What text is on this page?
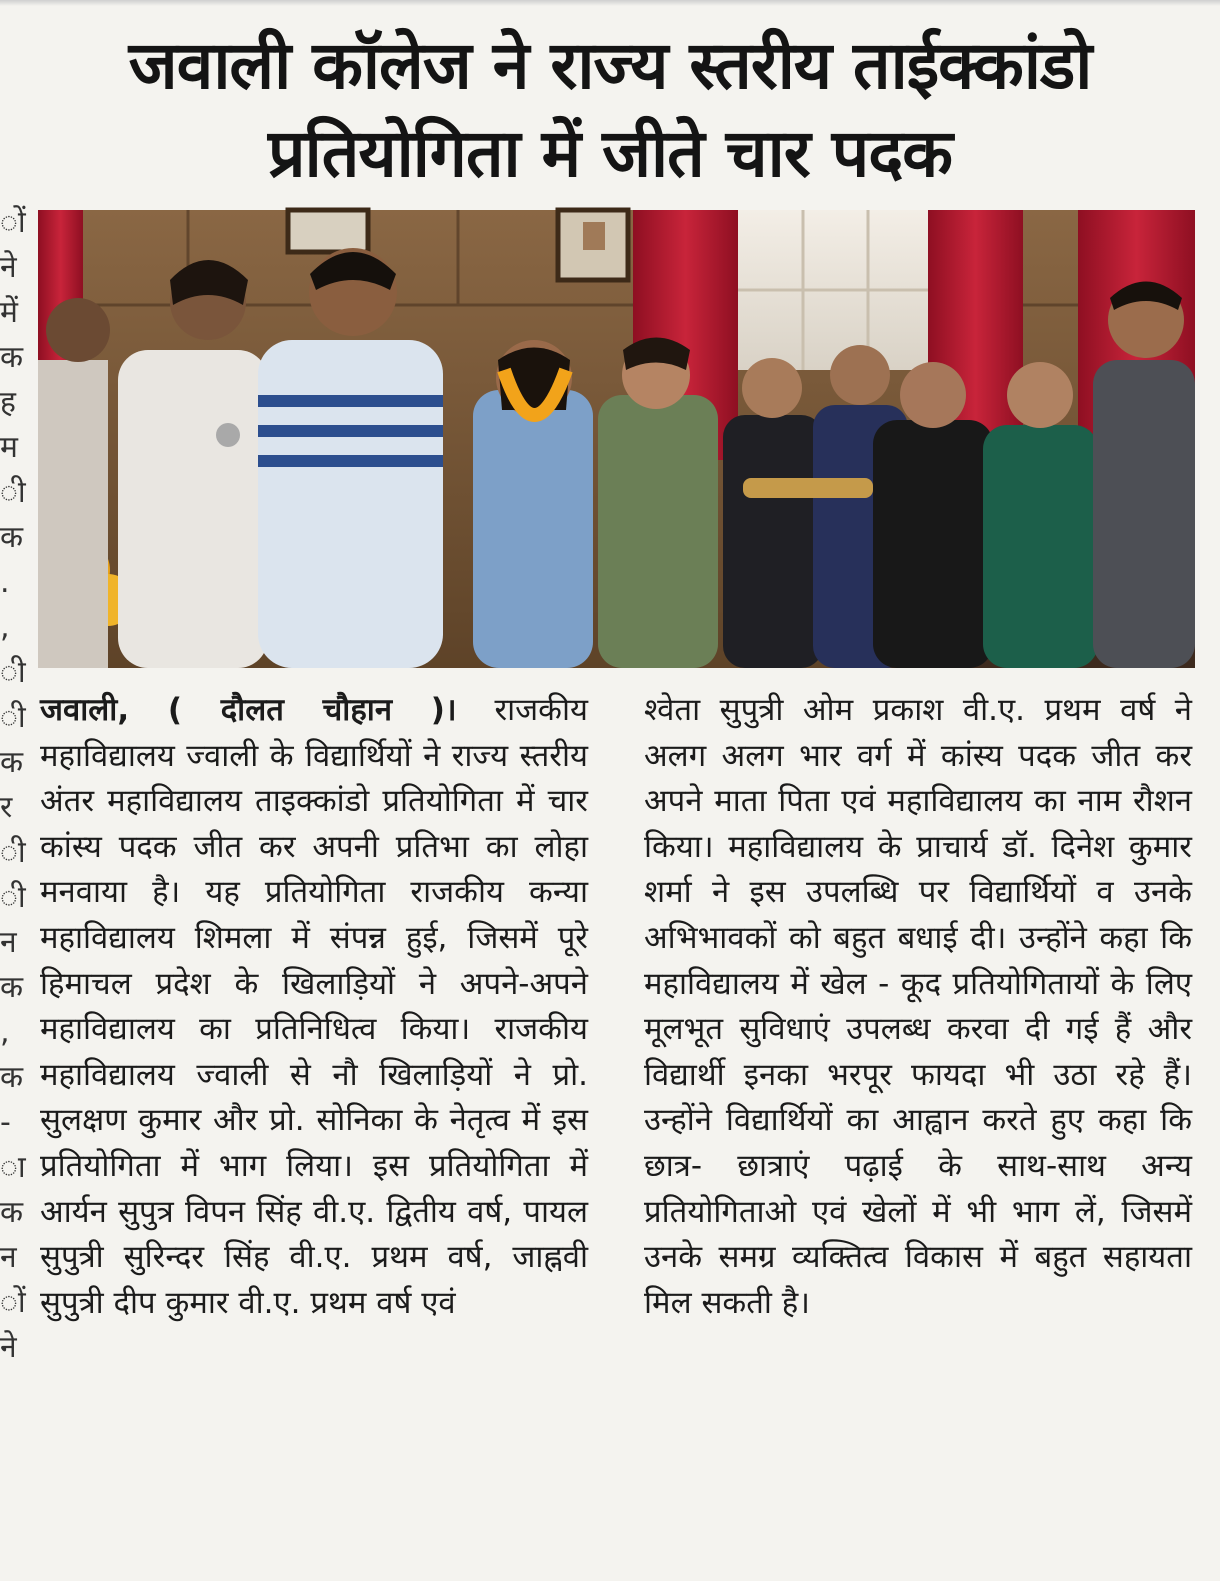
ों
ने
में
क
ह
म
ी
क
.
,
ी
ी
क
र
ी
ी
न
क
,
क
-
ा
क
न
ों
ने
जवाली कॉलेज ने राज्य स्तरीय ताईक्कांडो
प्रतियोगिता में जीते चार पदक

जवाली, ( दौलत चौहान )। राजकीय महाविद्यालय ज्वाली के विद्यार्थियों ने राज्य स्तरीय अंतर महाविद्यालय ताइक्कांडो प्रतियोगिता में चार कांस्य पदक जीत कर अपनी प्रतिभा का लोहा मनवाया है। यह प्रतियोगिता राजकीय कन्या महाविद्यालय शिमला में संपन्न हुई, जिसमें पूरे हिमाचल प्रदेश के खिलाड़ियों ने अपने-अपने महाविद्यालय का प्रतिनिधित्व किया। राजकीय महाविद्यालय ज्वाली से नौ खिलाड़ियों ने प्रो. सुलक्षण कुमार और प्रो. सोनिका के नेतृत्व में इस प्रतियोगिता में भाग लिया। इस प्रतियोगिता में आर्यन सुपुत्र विपन सिंह वी.ए. द्वितीय वर्ष, पायल सुपुत्री सुरिन्दर सिंह वी.ए. प्रथम वर्ष, जाह्नवी सुपुत्री दीप कुमार वी.ए. प्रथम वर्ष एवं

श्वेता सुपुत्री ओम प्रकाश वी.ए. प्रथम वर्ष ने अलग अलग भार वर्ग में कांस्य पदक जीत कर अपने माता पिता एवं महाविद्यालय का नाम रौशन किया। महाविद्यालय के प्राचार्य डॉ. दिनेश कुमार शर्मा ने इस उपलब्धि पर विद्यार्थियों व उनके अभिभावकों को बहुत बधाई दी। उन्होंने कहा कि महाविद्यालय में खेल - कूद प्रतियोगितायों के लिए मूलभूत सुविधाएं उपलब्ध करवा दी गई हैं और विद्यार्थी इनका भरपूर फायदा भी उठा रहे हैं। उन्होंने विद्यार्थियों का आह्वान करते हुए कहा कि छात्र- छात्राएं पढ़ाई के साथ-साथ अन्य प्रतियोगिताओ एवं खेलों में भी भाग लें, जिसमें उनके समग्र व्यक्तित्व विकास में बहुत सहायता मिल सकती है।
